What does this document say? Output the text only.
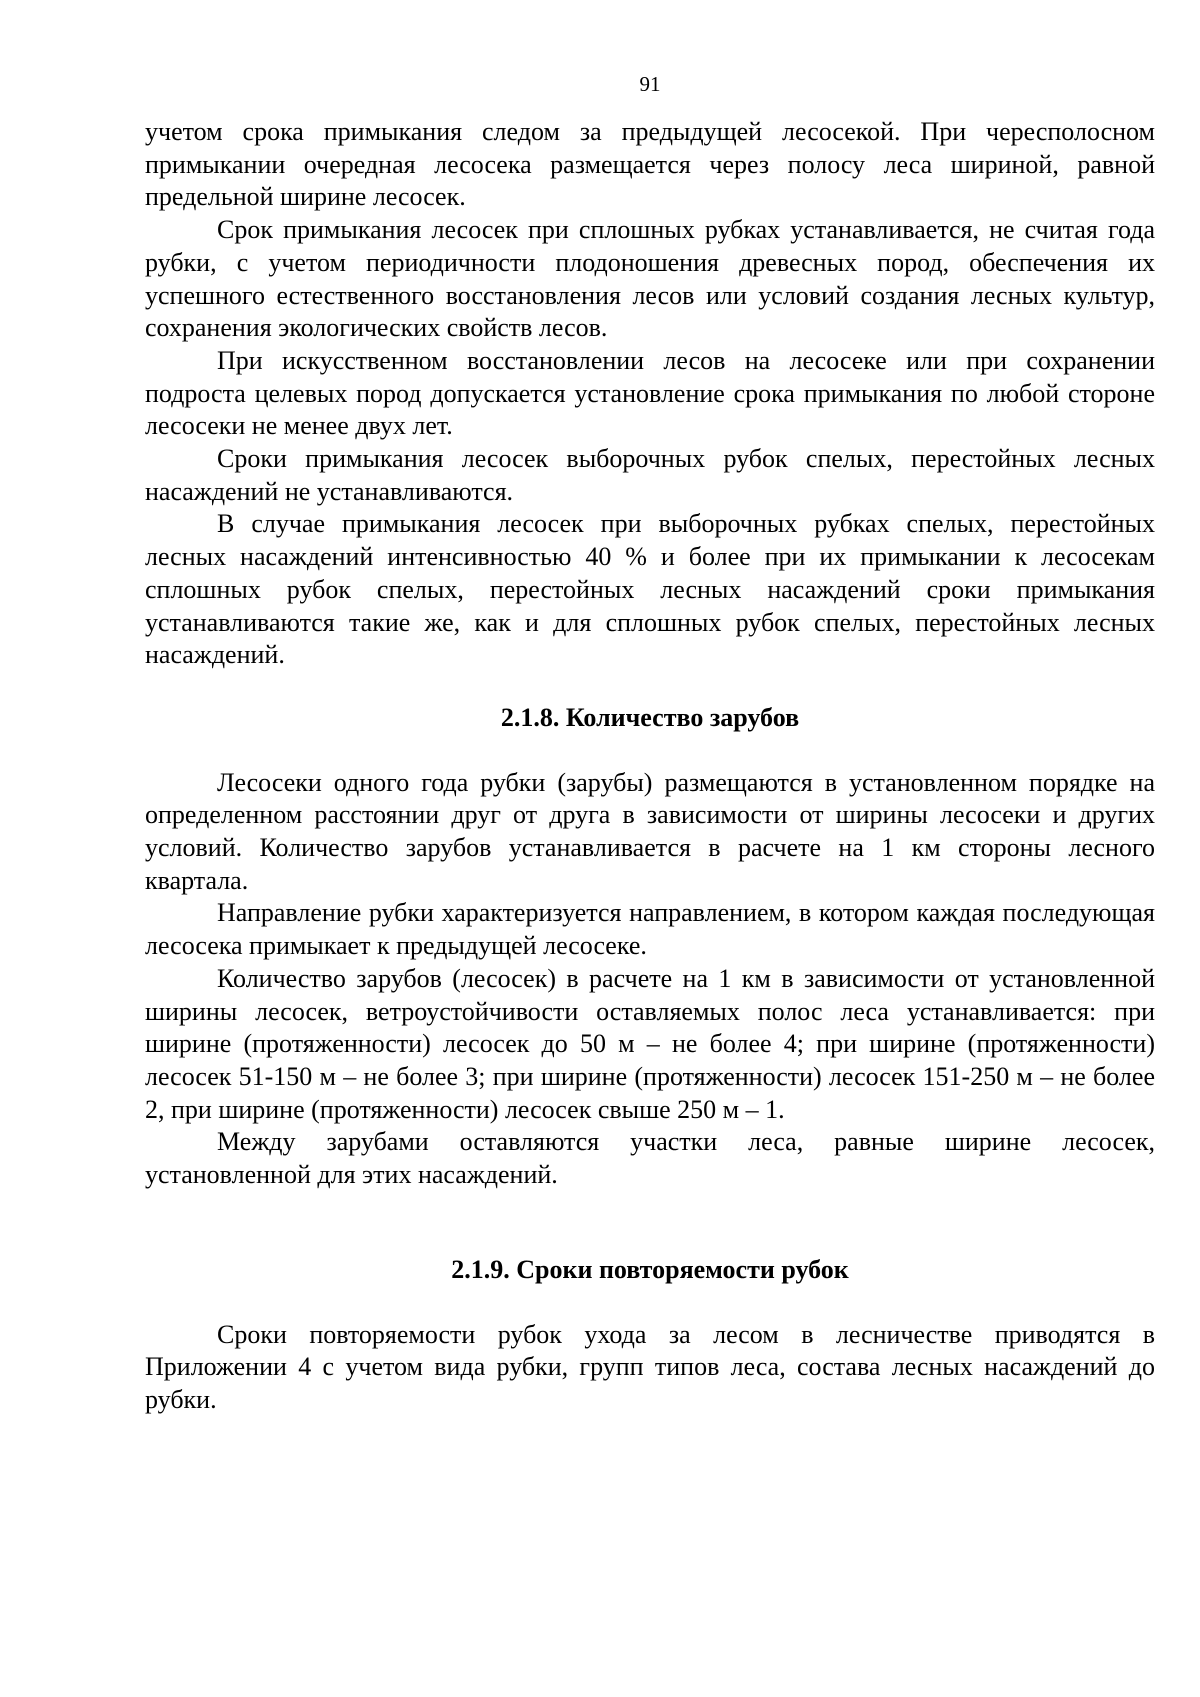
91

учетом срока примыкания следом за предыдущей лесосекой. При чересполосном примыкании очередная лесосека размещается через полосу леса шириной, равной предельной ширине лесосек.

Срок примыкания лесосек при сплошных рубках устанавливается, не считая года рубки, с учетом периодичности плодоношения древесных пород, обеспечения их успешного естественного восстановления лесов или условий создания лесных культур, сохранения экологических свойств лесов.

При искусственном восстановлении лесов на лесосеке или при сохранении подроста целевых пород допускается установление срока примыкания по любой стороне лесосеки не менее двух лет.

Сроки примыкания лесосек выборочных рубок спелых, перестойных лесных насаждений не устанавливаются.

В случае примыкания лесосек при выборочных рубках спелых, перестойных лесных насаждений интенсивностью 40 % и более при их примыкании к лесосекам сплошных рубок спелых, перестойных лесных насаждений сроки примыкания устанавливаются такие же, как и для сплошных рубок спелых, перестойных лесных насаждений.

2.1.8. Количество зарубов

Лесосеки одного года рубки (зарубы) размещаются в установленном порядке на определенном расстоянии друг от друга в зависимости от ширины лесосеки и других условий. Количество зарубов устанавливается в расчете на 1 км стороны лесного квартала.

Направление рубки характеризуется направлением, в котором каждая последующая лесосека примыкает к предыдущей лесосеке.

Количество зарубов (лесосек) в расчете на 1 км в зависимости от установленной ширины лесосек, ветроустойчивости оставляемых полос леса устанавливается: при ширине (протяженности) лесосек до 50 м – не более 4; при ширине (протяженности) лесосек 51-150 м – не более 3; при ширине (протяженности) лесосек 151-250 м – не более 2, при ширине (протяженности) лесосек свыше 250 м – 1.

Между зарубами оставляются участки леса, равные ширине лесосек, установленной для этих насаждений.

2.1.9. Сроки повторяемости рубок

Сроки повторяемости рубок ухода за лесом в лесничестве приводятся в Приложении 4 с учетом вида рубки, групп типов леса, состава лесных насаждений до рубки.
